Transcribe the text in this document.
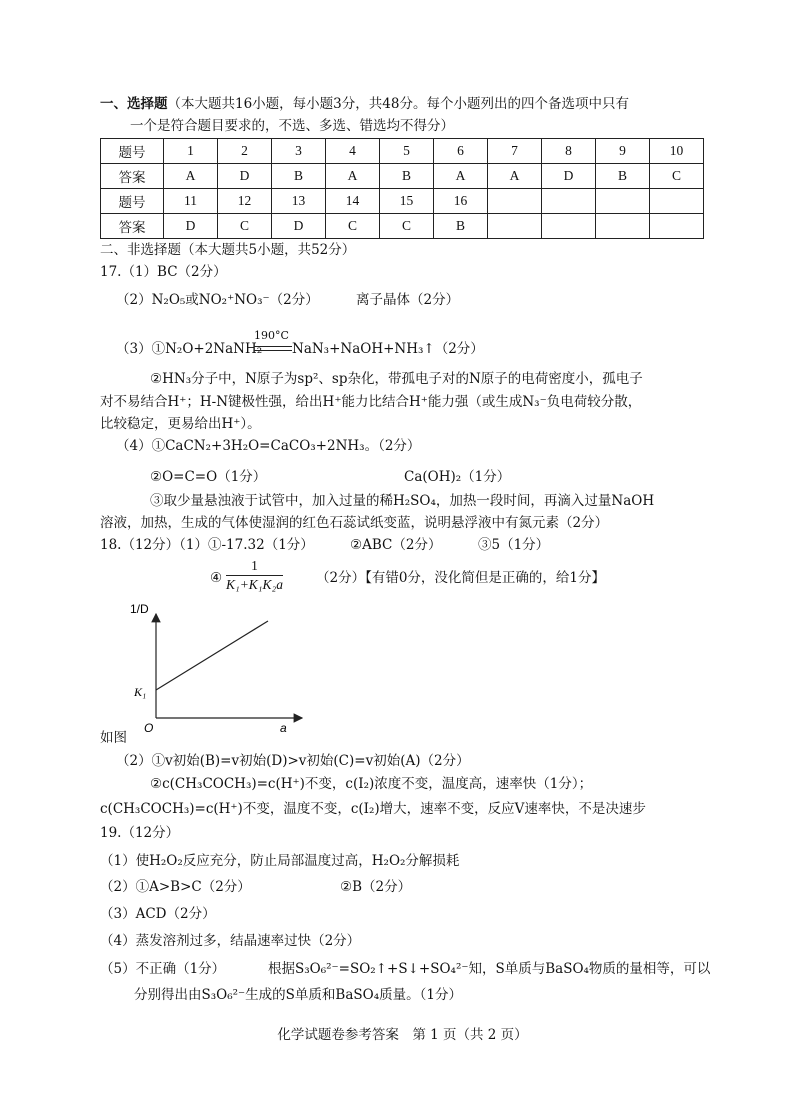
一、选择题（本大题共16小题，每小题3分，共48分。每个小题列出的四个备选项中只有
一个是符合题目要求的，不选、多选、错选均不得分）
题号	1	2	3	4	5	6	7	8	9	10
答案	A	D	B	A	B	A	A	D	B	C
题号	11	12	13	14	15	16				
答案	D	C	D	C	C	B				
二、非选择题（本大题共5小题，共52分）
17.（1）BC（2分）
（2）N₂O₅或NO₂⁺NO₃⁻（2分）	离子晶体（2分）
（3）①N₂O+2NaNH₂
190°C
NaN₃+NaOH+NH₃↑（2分）
②HN₃分子中，N原子为sp²、sp杂化，带孤电子对的N原子的电荷密度小，孤电子
对不易结合H⁺；H-N键极性强，给出H⁺能力比结合H⁺能力强（或生成N₃⁻负电荷较分散，
比较稳定，更易给出H⁺）。
（4）①CaCN₂+3H₂O=CaCO₃+2NH₃。（2分）
②O=C=O（1分）	Ca(OH)₂（1分）
③取少量悬浊液于试管中，加入过量的稀H₂SO₄，加热一段时间，再滴入过量NaOH
溶液，加热，生成的气体使湿润的红色石蕊试纸变蓝，说明悬浮液中有氮元素（2分）
18.（12分）（1）①-17.32（1分）	②ABC（2分）	③5（1分）
④ $\frac{1}{\text{K₁+K₁K₂a}} (2$分）【有错0分，没化简但是正确的，给1分】
1/D
K₁
O	a
如图
（2）①v初始(B)=v初始(D)>v初始(C)=v初始(A)（2分）
②c(CH₃COCH₃)=c(H⁺)不变，c(I₂)浓度不变，温度高，速率快（1分）；
c(CH₃COCH₃)=c(H⁺)不变，温度不变，c(I₂)增大，速率不变，反应V速率快，不是决速步
19.（12分）
（1）使H₂O₂反应充分，防止局部温度过高，H₂O₂分解损耗
（2）①A>B>C（2分）	②B（2分）
（3）ACD（2分）
（4）蒸发溶剂过多，结晶速率过快（2分）
（5）不正确（1分）	根据S₃O₆²⁻=SO₂↑+S↓+SO₄²⁻知，S单质与BaSO₄物质的量相等，可以
分别得出由S₃O₆²⁻生成的S单质和BaSO₄质量。（1分）
化学试题卷参考答案　第 1 页（共 2 页）
